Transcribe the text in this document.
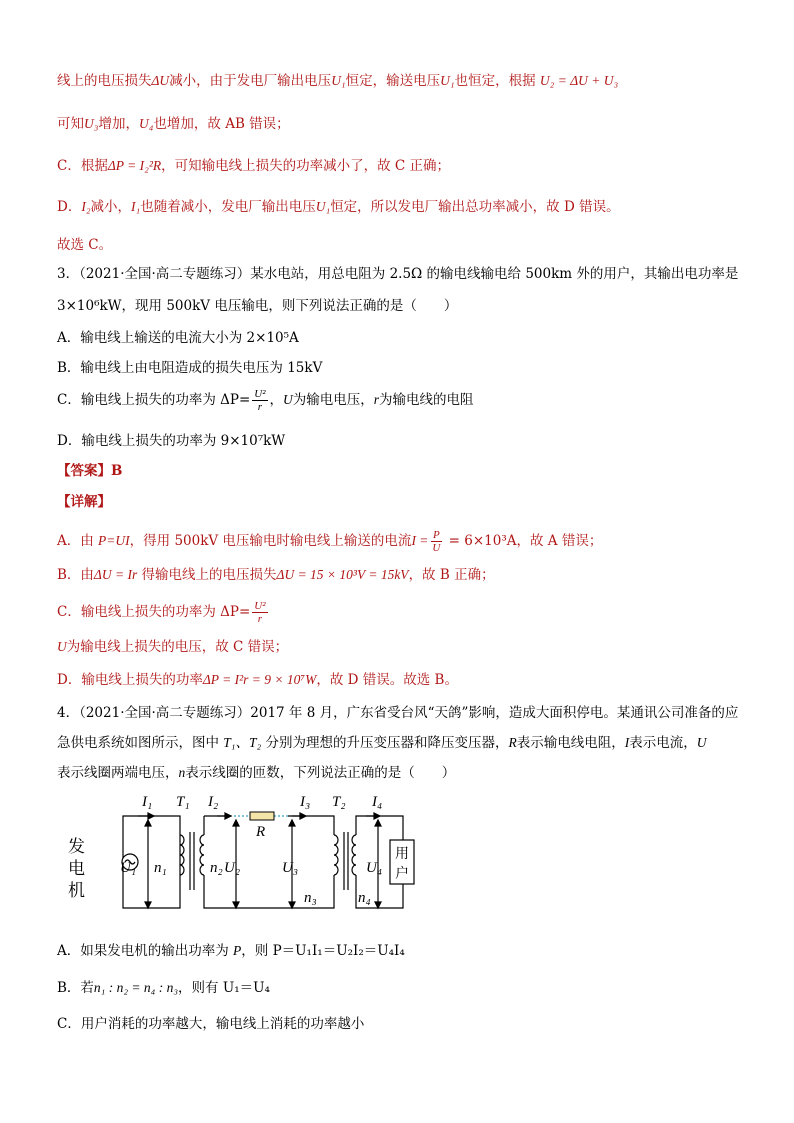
线上的电压损失ΔU减小，由于发电厂输出电压U₁恒定，输送电压U₁也恒定，根据 U₂ = ΔU + U₃
可知U₃增加，U₄也增加，故 AB 错误；
C．根据ΔP = I₂²R，可知输电线上损失的功率减小了，故 C 正确；
D．I₂减小，I₁也随着减小，发电厂输出电压U₁恒定，所以发电厂输出总功率减小，故 D 错误。
故选 C。
3．（2021·全国·高二专题练习）某水电站，用总电阻为 2.5Ω 的输电线输电给 500km 外的用户，其输出电功率是
3×10⁶kW，现用 500kV 电压输电，则下列说法正确的是（　　）
A．输电线上输送的电流大小为 2×10⁵A
B．输电线上由电阻造成的损失电压为 15kV
C．输电线上损失的功率为 $\Delta P= \frac{\text{U²}}{r}$ ，U为输电电压，r为输电线的电阻
D．输电线上损失的功率为 9×10⁷kW
【答案】B
【详解】
A．由 P=UI，得用 500kV 电压输电时输电线上输送的电流$I = \frac{P}{U} = 6\times 10^3A$，故 A 错误；
B．由ΔU = Ir 得输电线上的电压损失ΔU = 15 × 10³V = 15kV，故 B 正确；
C．输电线上损失的功率为 $\Delta P= \frac{\text{U²}}{r}$
U为输电线上损失的电压，故 C 错误；
D．输电线上损失的功率ΔP = I²r = 9 × 10⁷W，故 D 错误。故选 B。
4．（2021·全国·高二专题练习）2017 年 8 月，广东省受台风“天鸽”影响，造成大面积停电。某通讯公司准备的应
急供电系统如图所示，图中 T₁、T₂ 分别为理想的升压变压器和降压变压器，R表示输电线电阻，I表示电流，U
表示线圈两端电压，n表示线圈的匝数，下列说法正确的是（　　）
I₁ T₁ I₂
R
I₃ T₂ I₄
U₁ n₁	n₂ U₂	U₃
n₃
U₄
n₄
发
电
机
用
户
A．如果发电机的输出功率为 P，则 P＝U₁I₁＝U₂I₂＝U₄I₄
B．若n₁ : n₂ = n₄ : n₃，则有 U₁＝U₄
C．用户消耗的功率越大，输电线上消耗的功率越小
